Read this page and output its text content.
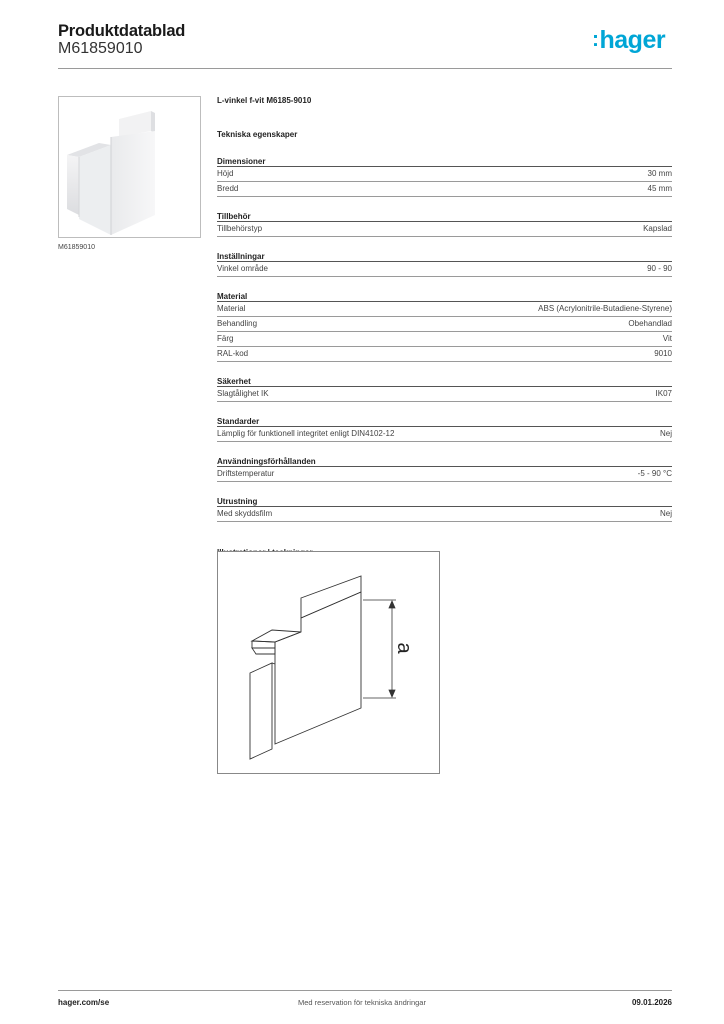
Produktdatablad
M61859010	:hager
M61859010
L-vinkel f-vit M6185-9010
Tekniska egenskaper
Dimensioner
Höjd	30 mm
Bredd	45 mm
Tillbehör
Tillbehörstyp	Kapslad
Inställningar
Vinkel område	90 - 90
Material
Material	ABS (Acrylonitrile-Butadiene-Styrene)
Behandling	Obehandlad
Färg	Vit
RAL-kod	9010
Säkerhet
Slagtålighet IK	IK07
Standarder
Lämplig för funktionell integritet enligt DIN4102-12	Nej
Användningsförhållanden
Driftstemperatur	-5 - 90 °C
Utrustning
Med skyddsfilm	Nej
a
hager.com/se	Med reservation för tekniska ändringar	09.01.2026
